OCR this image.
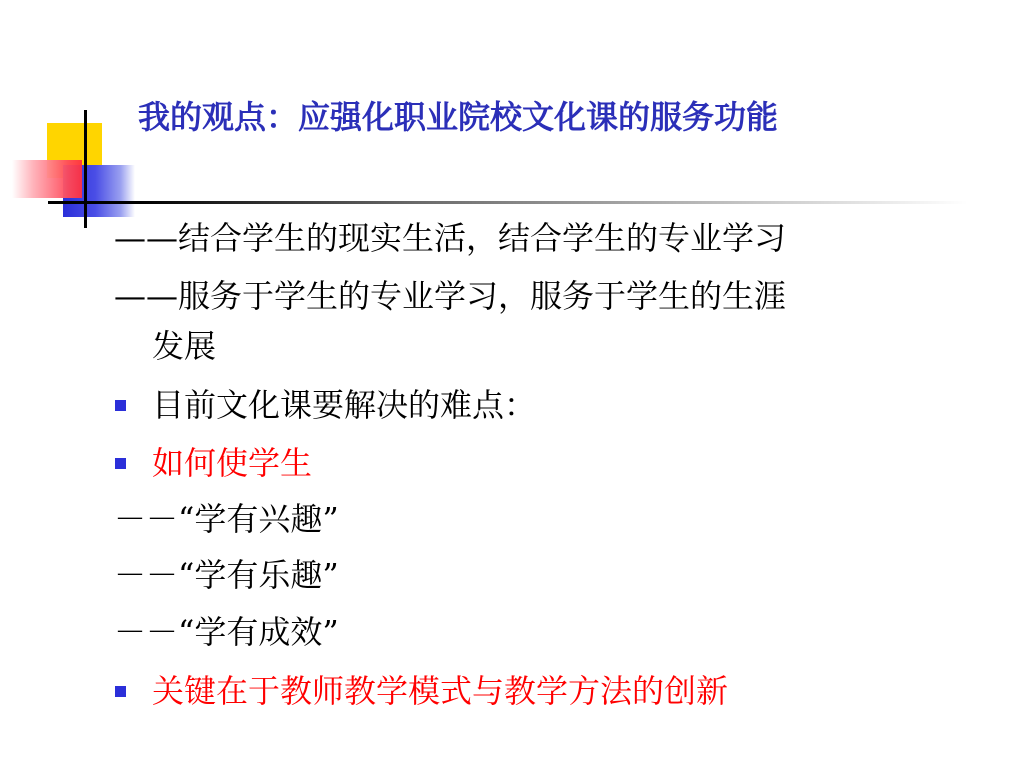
我的观点：应强化职业院校文化课的服务功能
——结合学生的现实生活，结合学生的专业学习
——服务于学生的专业学习，服务于学生的生涯
发展
目前文化课要解决的难点：
如何使学生
－－“学有兴趣”
－－“学有乐趣”
－－“学有成效”
关键在于教师教学模式与教学方法的创新
